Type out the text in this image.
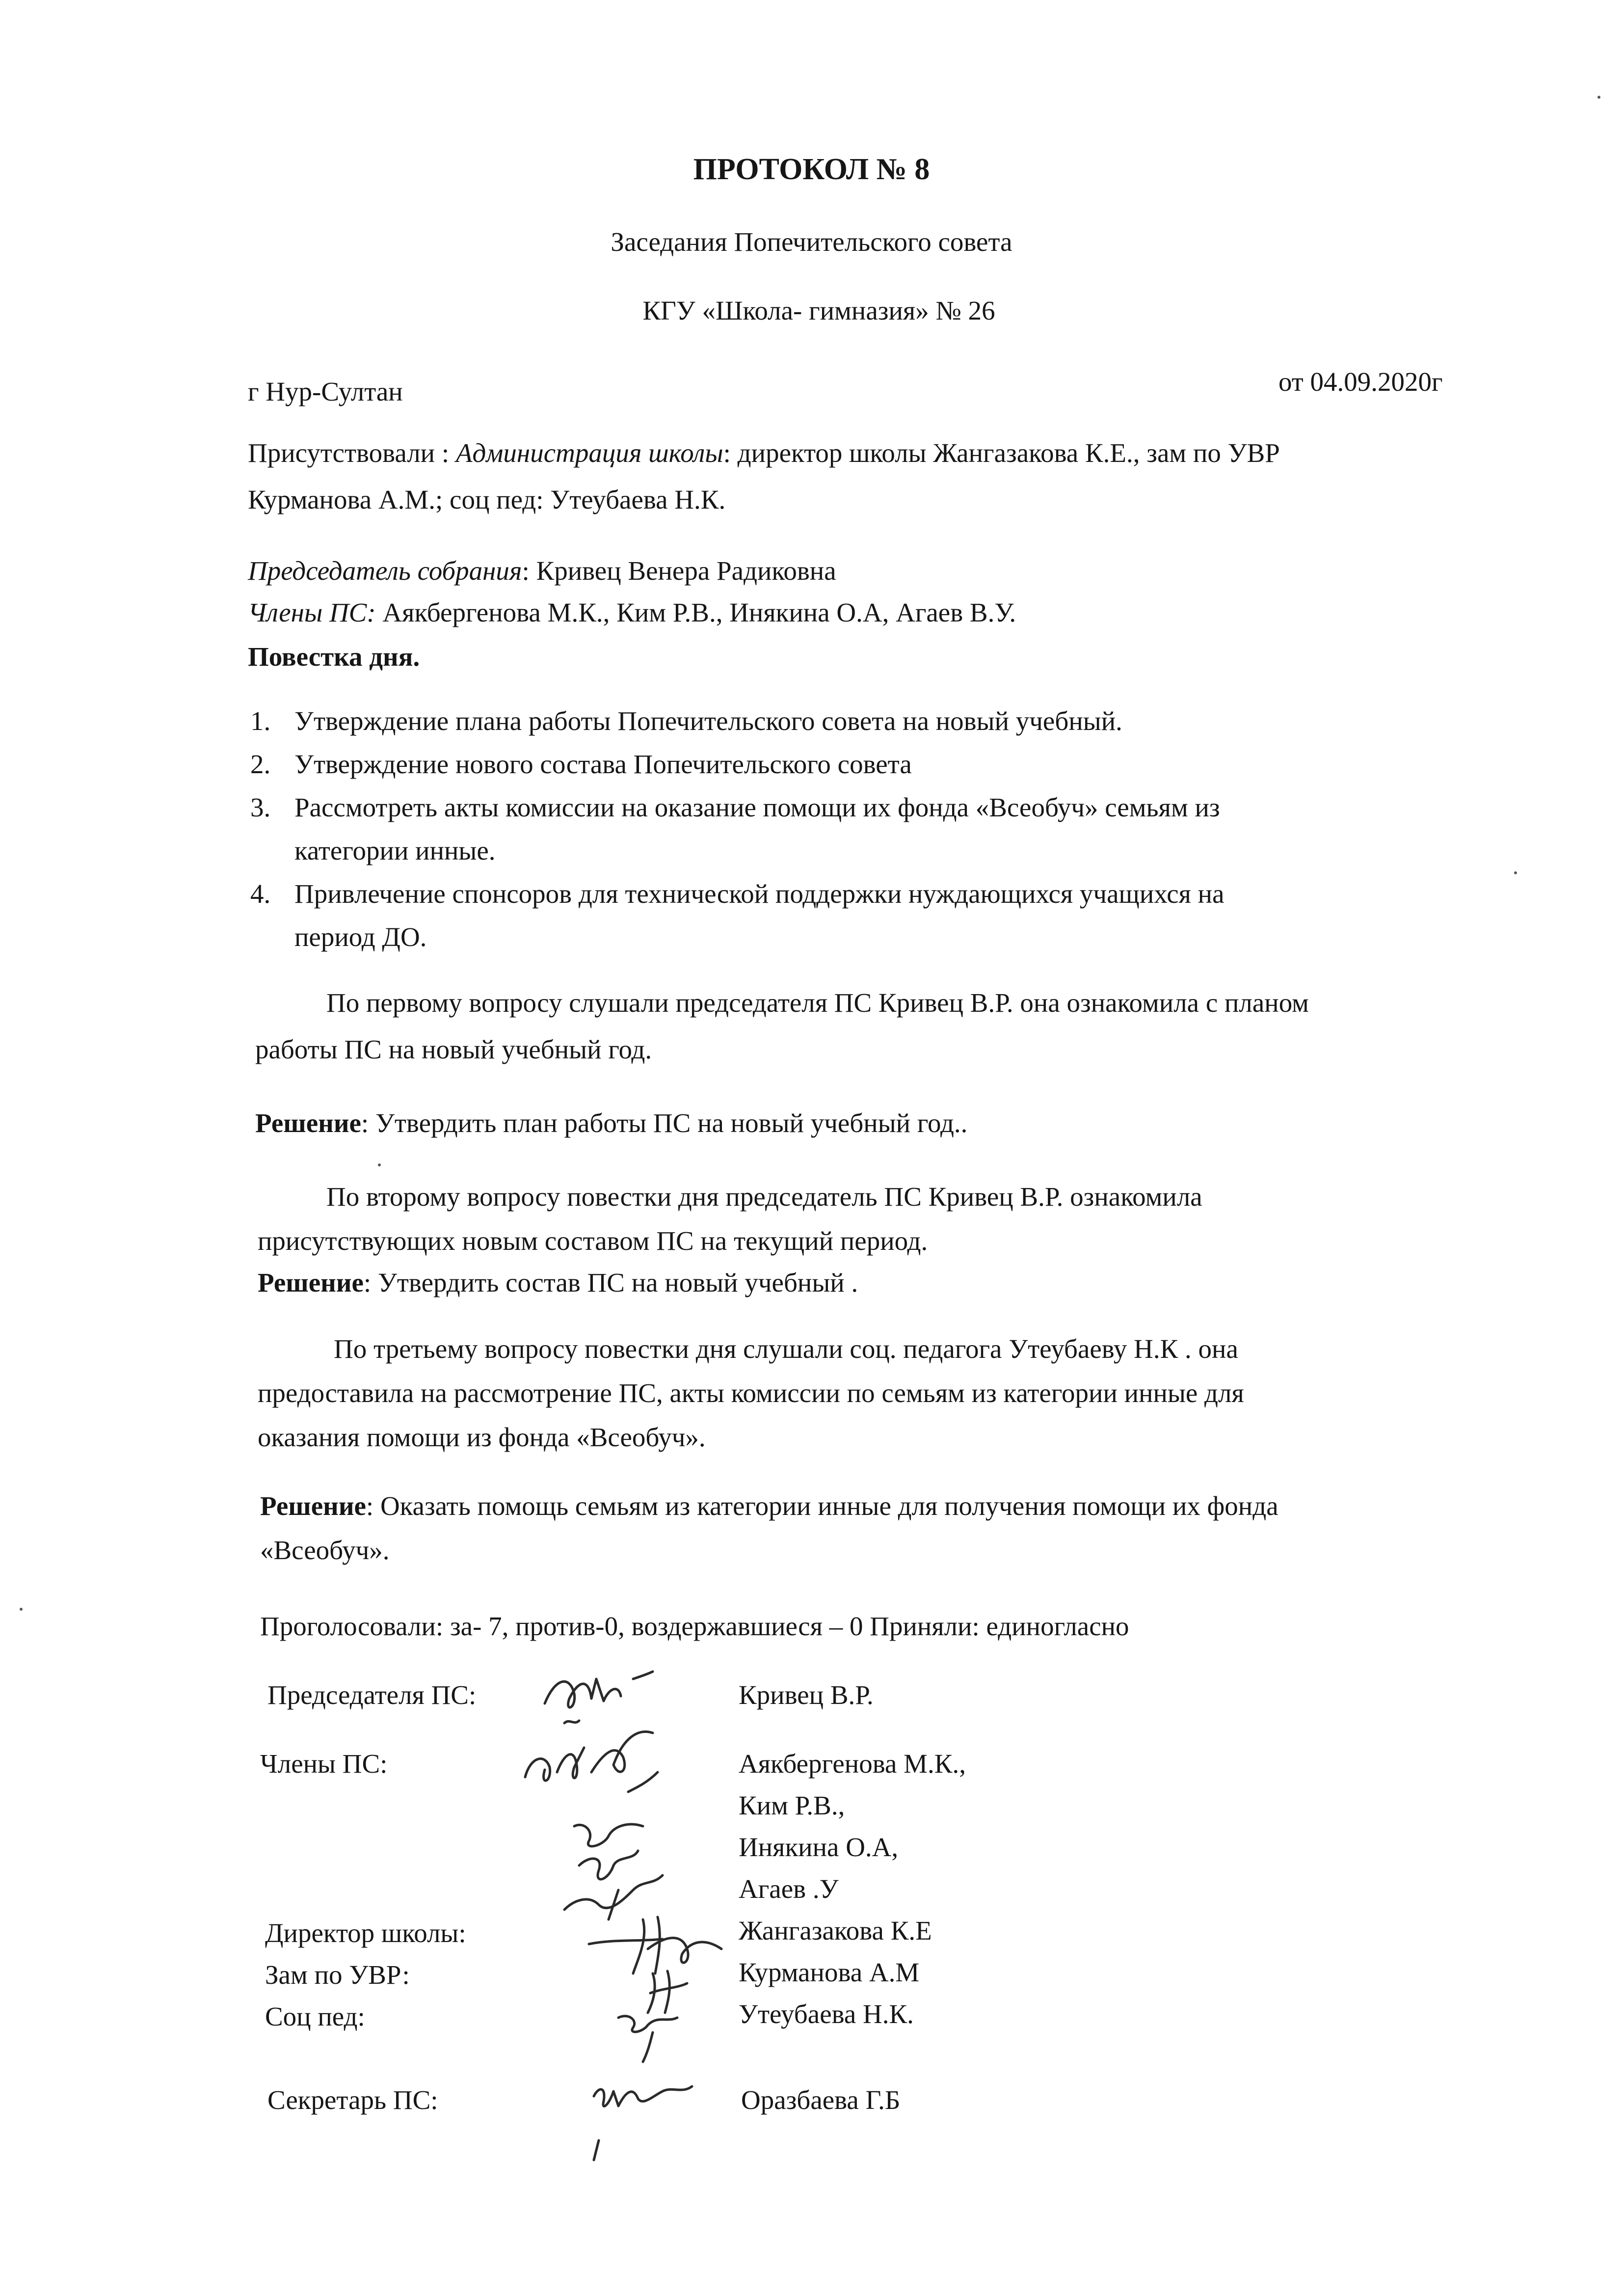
ПРОТОКОЛ № 8
Заседания Попечительского совета
КГУ «Школа- гимназия» № 26
г Нур-Султан	от 04.09.2020г
Присутствовали : Администрация школы: директор школы Жангазакова К.Е., зам по УВР
Курманова А.М.; соц пед: Утеубаева Н.К.
Председатель собрания: Кривец Венера Радиковна
Члены ПС: Аякбергенова М.К., Ким Р.В., Инякина О.А, Агаев В.У.
Повестка дня.
1. Утверждение плана работы Попечительского совета на новый учебный.
2. Утверждение нового состава Попечительского совета
3. Рассмотреть акты комиссии на оказание помощи их фонда «Всеобуч» семьям из
категории инные.
4. Привлечение спонсоров для технической поддержки нуждающихся учащихся на
период ДО.
По первому вопросу слушали председателя ПС Кривец В.Р. она ознакомила с планом
работы ПС на новый учебный год.
Решение: Утвердить план работы ПС на новый учебный год..
По второму вопросу повестки дня председатель ПС Кривец В.Р. ознакомила
присутствующих новым составом ПС на текущий период.
Решение: Утвердить состав ПС на новый учебный .
По третьему вопросу повестки дня слушали соц. педагога Утеубаеву Н.К . она
предоставила на рассмотрение ПС, акты комиссии по семьям из категории инные для
оказания помощи из фонда «Всеобуч».
Решение: Оказать помощь семьям из категории инные для получения помощи их фонда
«Всеобуч».
Проголосовали: за- 7, против-0, воздержавшиеся – 0 Приняли: единогласно
Председателя ПС:	Кривец В.Р.
Члены ПС:	Аякбергенова М.К.,
Ким Р.В.,
Инякина О.А,
Агаев .У
Директор школы:	Жангазакова К.Е
Зам по УВР:	Курманова А.М
Соц пед:	Утеубаева Н.К.
Секретарь ПС:	Оразбаева Г.Б
